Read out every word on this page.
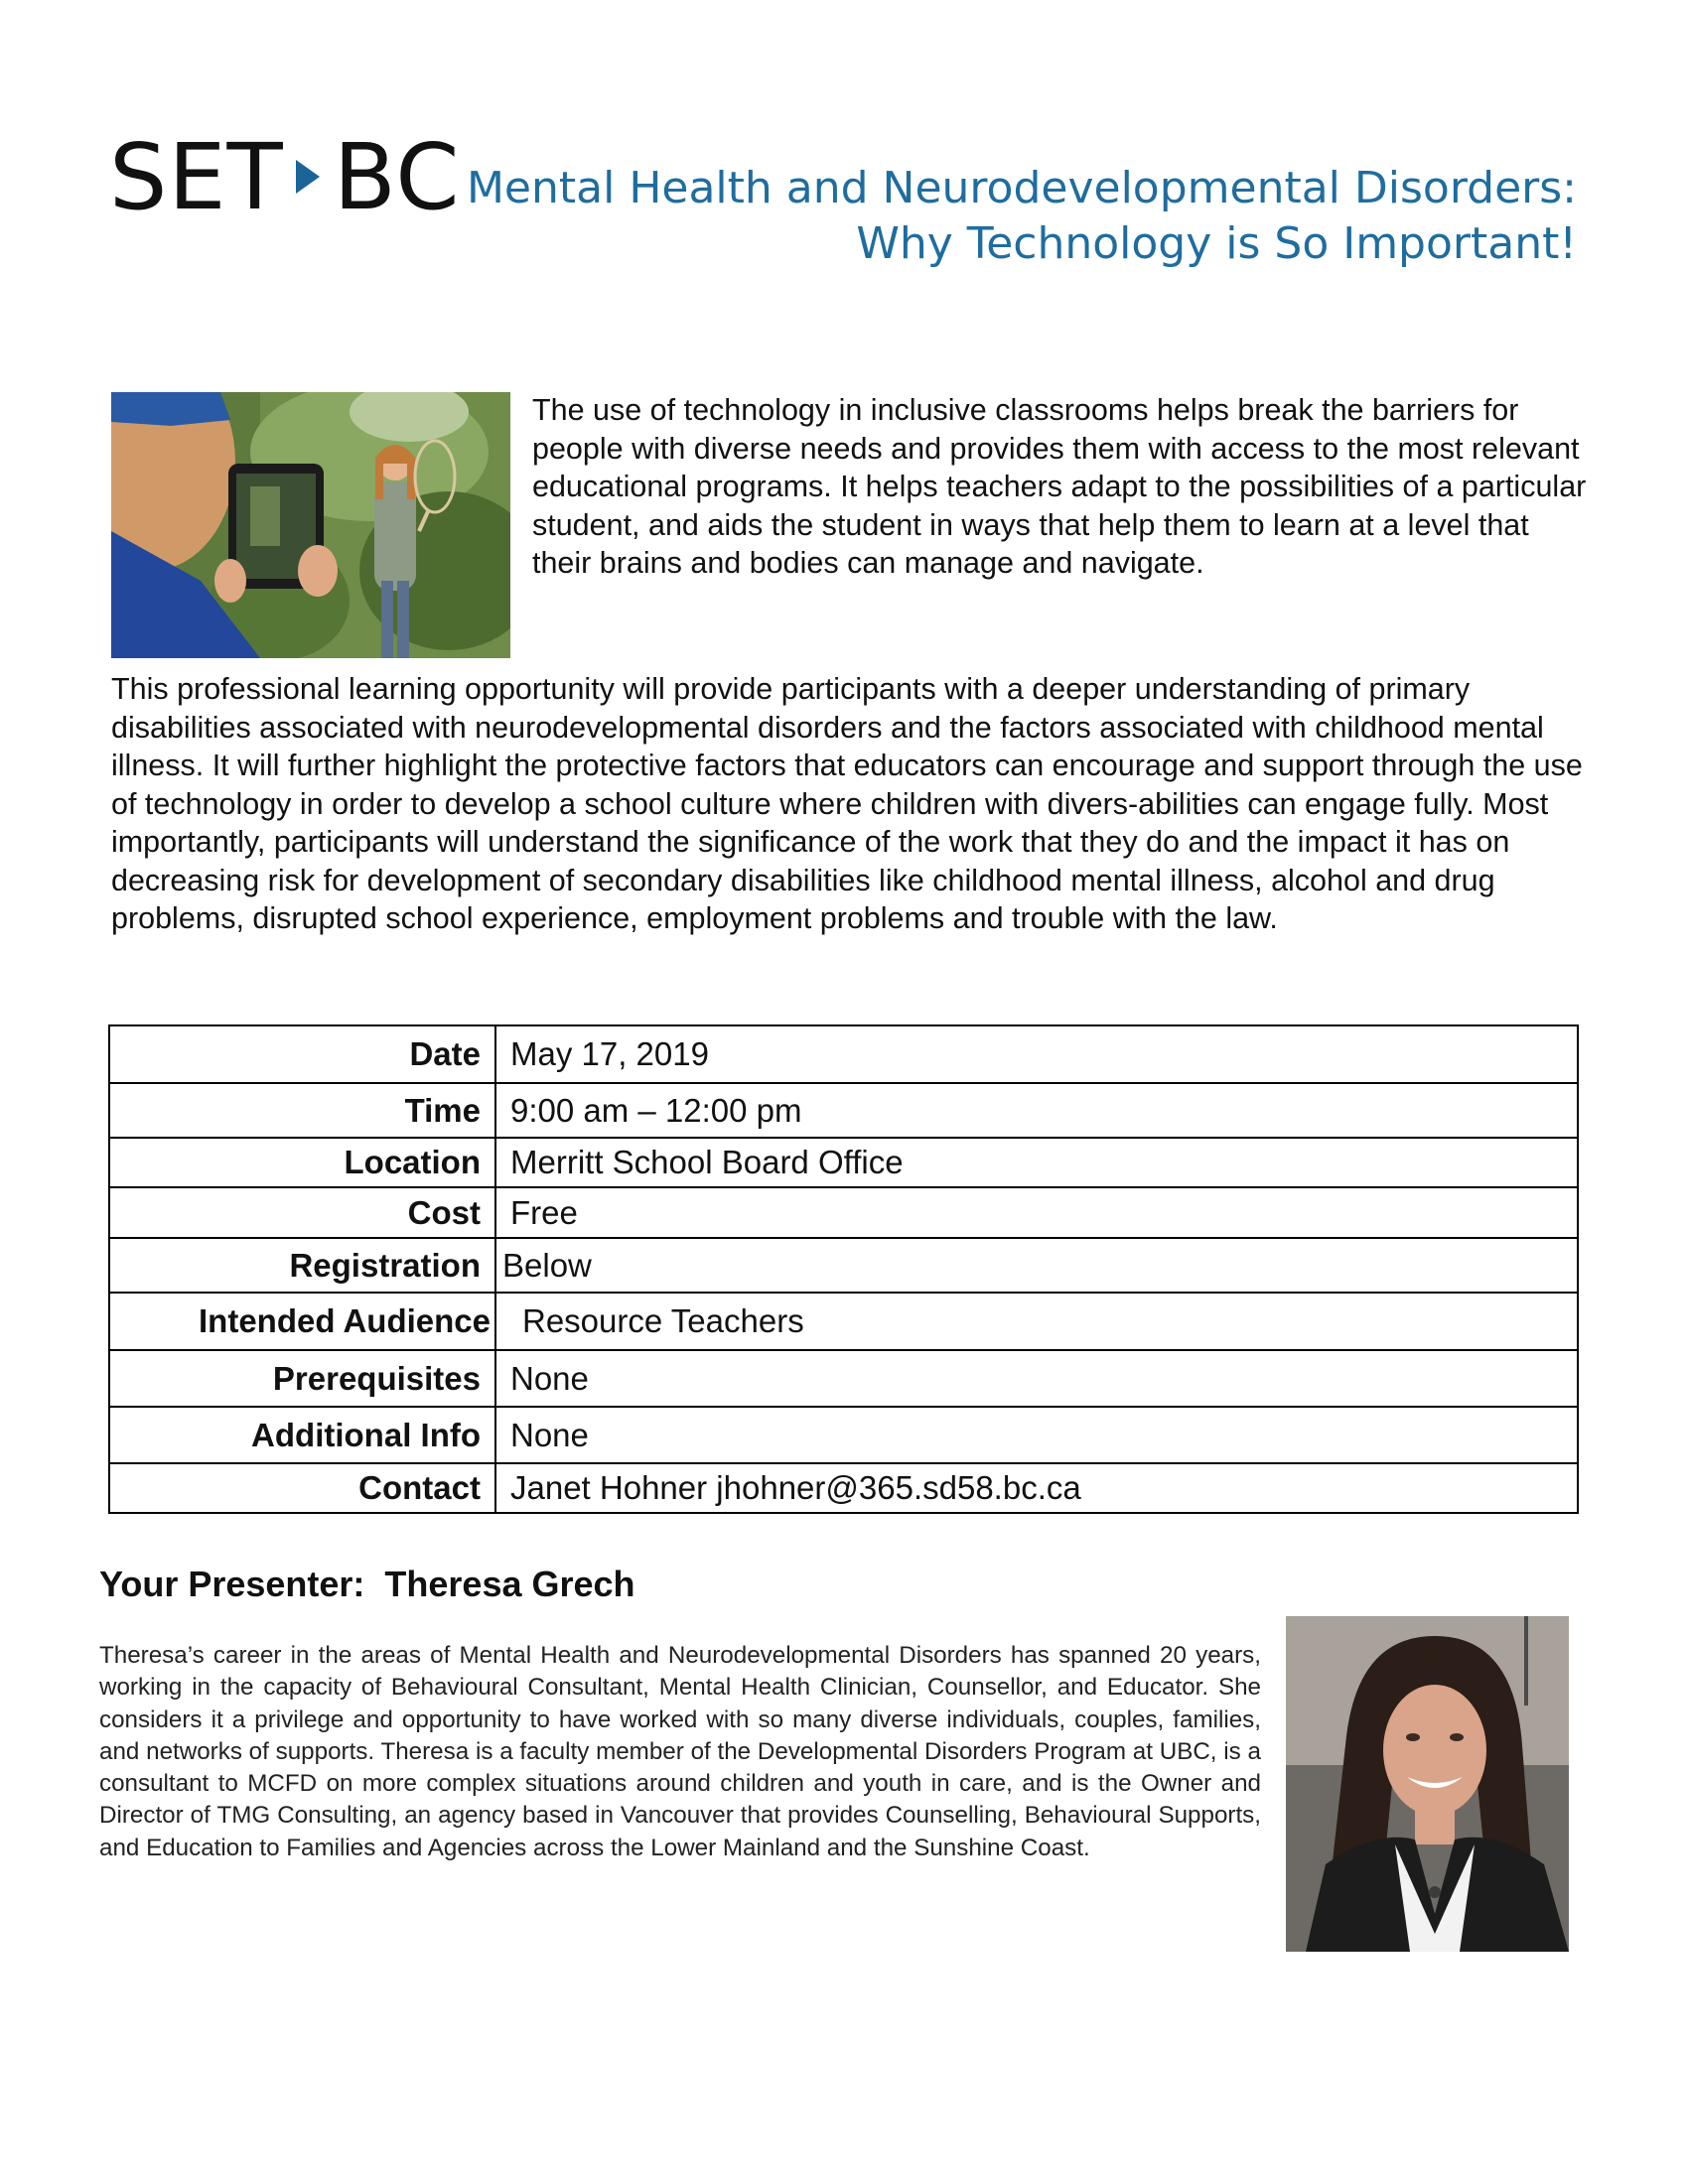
SET BC Mental Health and Neurodevelopmental Disorders:
Why Technology is So Important!
The use of technology in inclusive classrooms helps break the barriers for people with diverse needs and provides them with access to the most relevant educational programs. It helps teachers adapt to the possibilities of a particular student, and aids the student in ways that help them to learn at a level that their brains and bodies can manage and navigate.
This professional learning opportunity will provide participants with a deeper understanding of primary disabilities associated with neurodevelopmental disorders and the factors associated with childhood mental illness. It will further highlight the protective factors that educators can encourage and support through the use of technology in order to develop a school culture where children with divers-abilities can engage fully. Most importantly, participants will understand the significance of the work that they do and the impact it has on decreasing risk for development of secondary disabilities like childhood mental illness, alcohol and drug problems, disrupted school experience, employment problems and trouble with the law.
Date	May 17, 2019
Time	9:00 am – 12:00 pm
Location	Merritt School Board Office
Cost	Free
Registration	Below
Intended Audience	Resource Teachers
Prerequisites	None
Additional Info	None
Contact	Janet Hohner jhohner@365.sd58.bc.ca
Your Presenter:  Theresa Grech
Theresa’s career in the areas of Mental Health and Neurodevelopmental Disorders has spanned 20 years, working in the capacity of Behavioural Consultant, Mental Health Clinician, Counsellor, and Educator. She considers it a privilege and opportunity to have worked with so many diverse individuals, couples, families, and networks of supports. Theresa is a faculty member of the Developmental Disorders Program at UBC, is a consultant to MCFD on more complex situations around children and youth in care, and is the Owner and Director of TMG Consulting, an agency based in Vancouver that provides Counselling, Behavioural Supports, and Education to Families and Agencies across the Lower Mainland and the Sunshine Coast.
